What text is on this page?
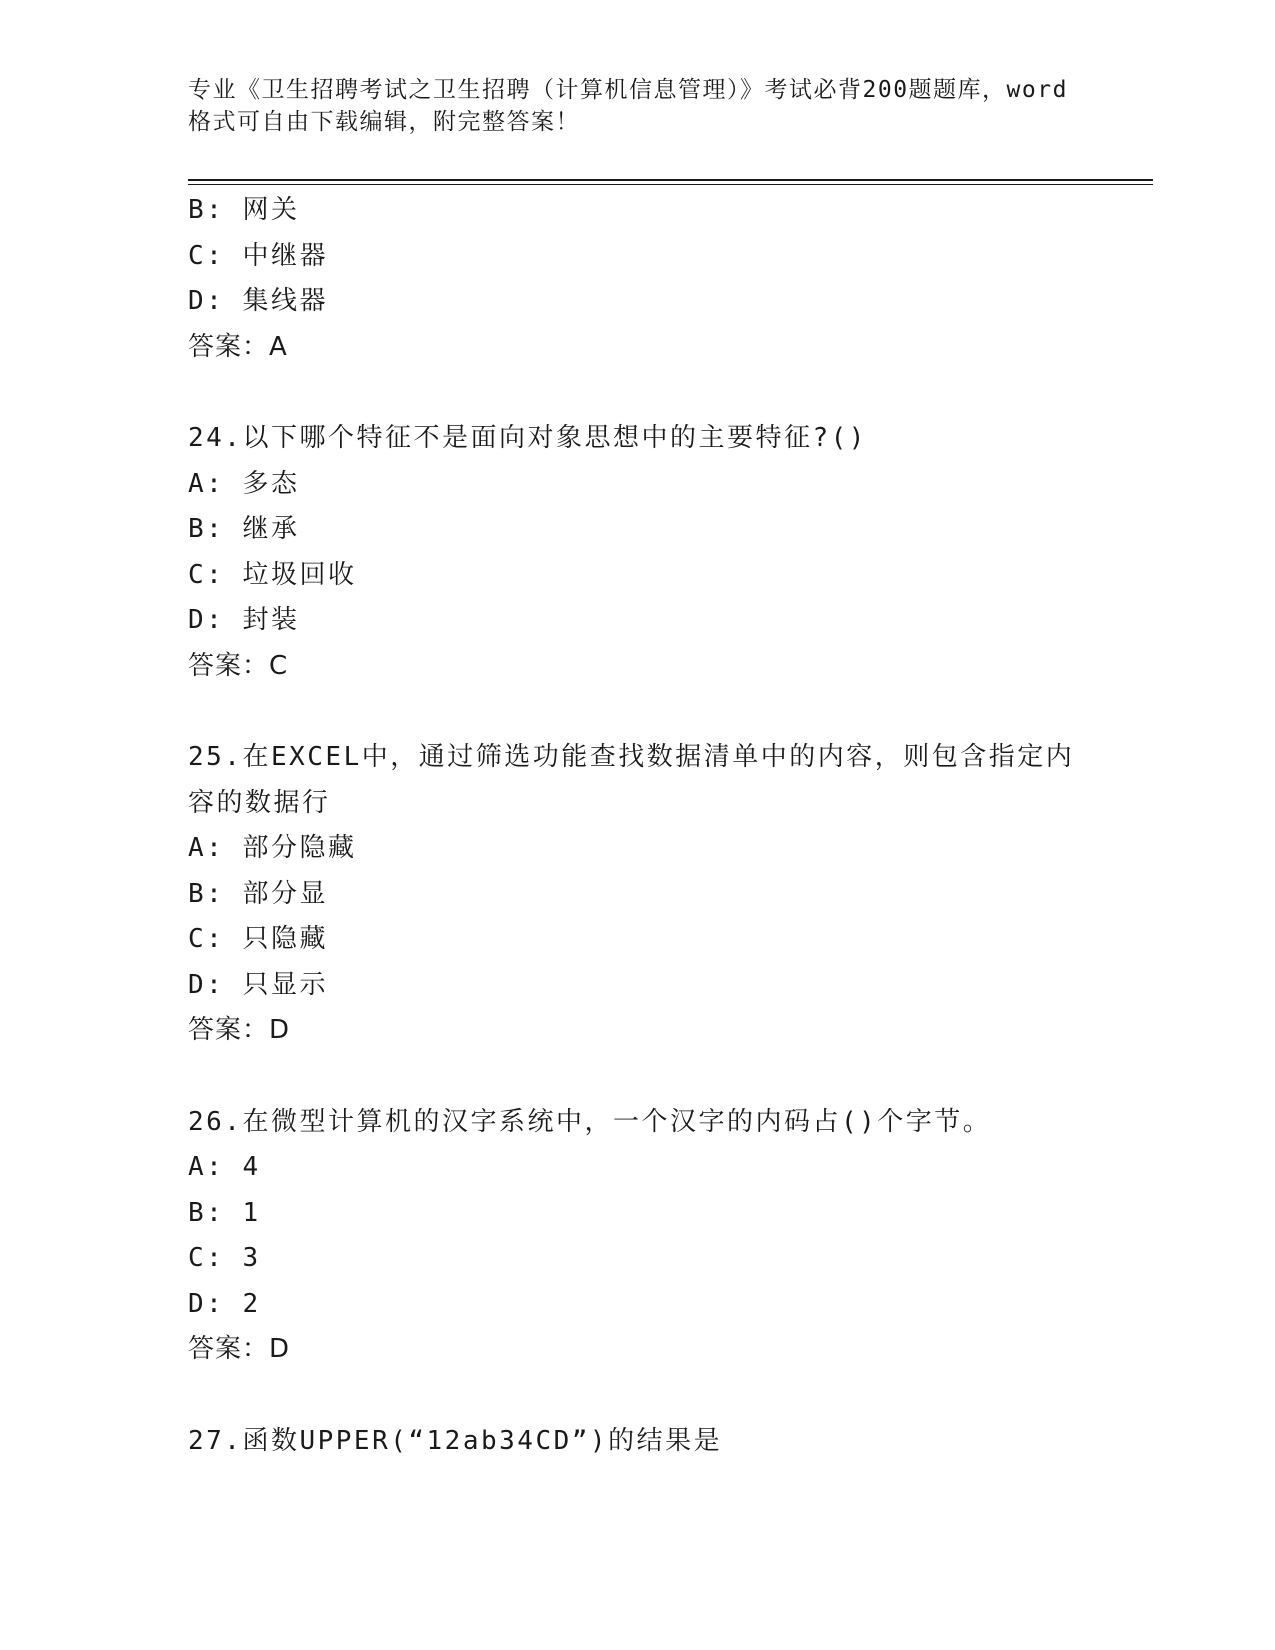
专业《卫生招聘考试之卫生招聘（计算机信息管理）》考试必背200题题库，word
格式可自由下载编辑，附完整答案！
B: 网关
C: 中继器
D: 集线器
答案：A
24.以下哪个特征不是面向对象思想中的主要特征?()
A: 多态
B: 继承
C: 垃圾回收
D: 封装
答案：C
25.在EXCEL中，通过筛选功能查找数据清单中的内容，则包含指定内
容的数据行
A: 部分隐藏
B: 部分显
C: 只隐藏
D: 只显示
答案：D
26.在微型计算机的汉字系统中，一个汉字的内码占()个字节。
A: 4
B: 1
C: 3
D: 2
答案：D
27.函数UPPER(“12ab34CD”)的结果是
